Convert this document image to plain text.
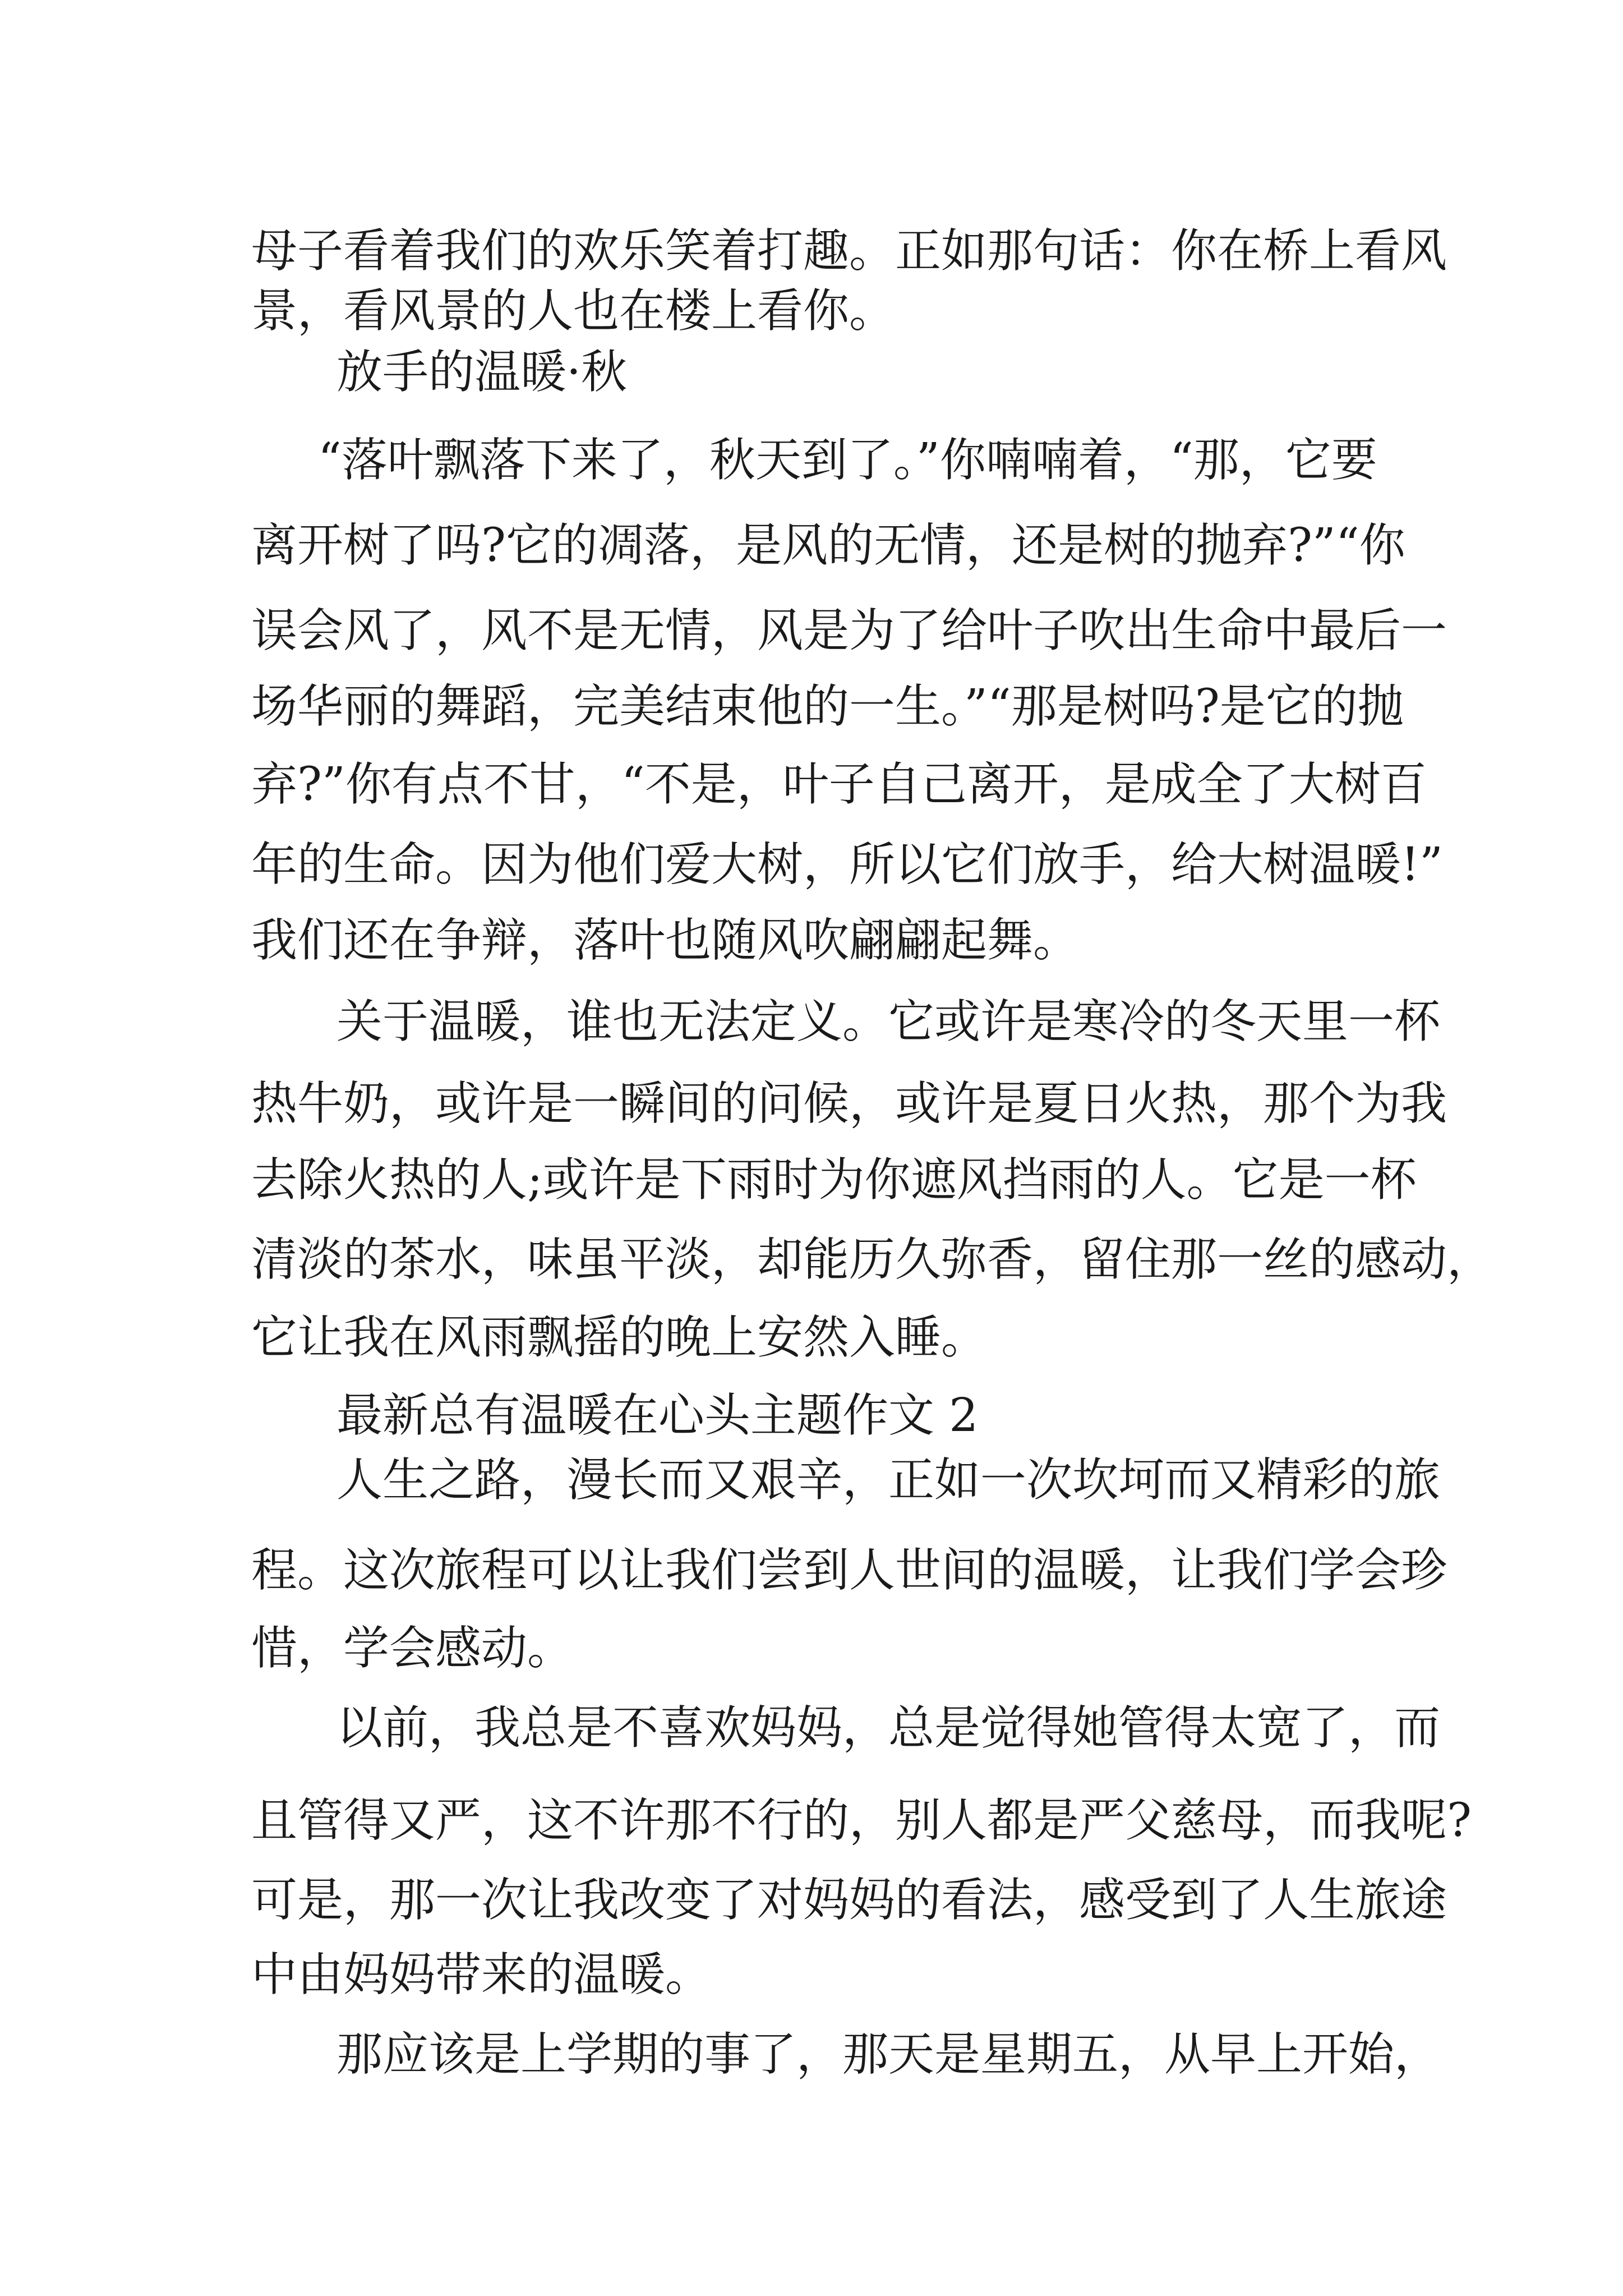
母子看着我们的欢乐笑着打趣。正如那句话：你在桥上看风

景，看风景的人也在楼上看你。

放手的温暖·秋

“落叶飘落下来了，秋天到了。”你喃喃着，“那，它要

离开树了吗?它的凋落，是风的无情，还是树的抛弃?”“你

误会风了，风不是无情，风是为了给叶子吹出生命中最后一

场华丽的舞蹈，完美结束他的一生。”“那是树吗?是它的抛

弃?”你有点不甘，“不是，叶子自己离开，是成全了大树百

年的生命。因为他们爱大树，所以它们放手，给大树温暖!”

我们还在争辩，落叶也随风吹翩翩起舞。

关于温暖，谁也无法定义。它或许是寒冷的冬天里一杯

热牛奶，或许是一瞬间的问候，或许是夏日火热，那个为我

去除火热的人;或许是下雨时为你遮风挡雨的人。它是一杯

清淡的茶水，味虽平淡，却能历久弥香，留住那一丝的感动，

它让我在风雨飘摇的晚上安然入睡。

最新总有温暖在心头主题作文 2

人生之路，漫长而又艰辛，正如一次坎坷而又精彩的旅

程。这次旅程可以让我们尝到人世间的温暖，让我们学会珍

惜，学会感动。

以前，我总是不喜欢妈妈，总是觉得她管得太宽了，而

且管得又严，这不许那不行的，别人都是严父慈母，而我呢?

可是，那一次让我改变了对妈妈的看法，感受到了人生旅途

中由妈妈带来的温暖。

那应该是上学期的事了，那天是星期五，从早上开始，
